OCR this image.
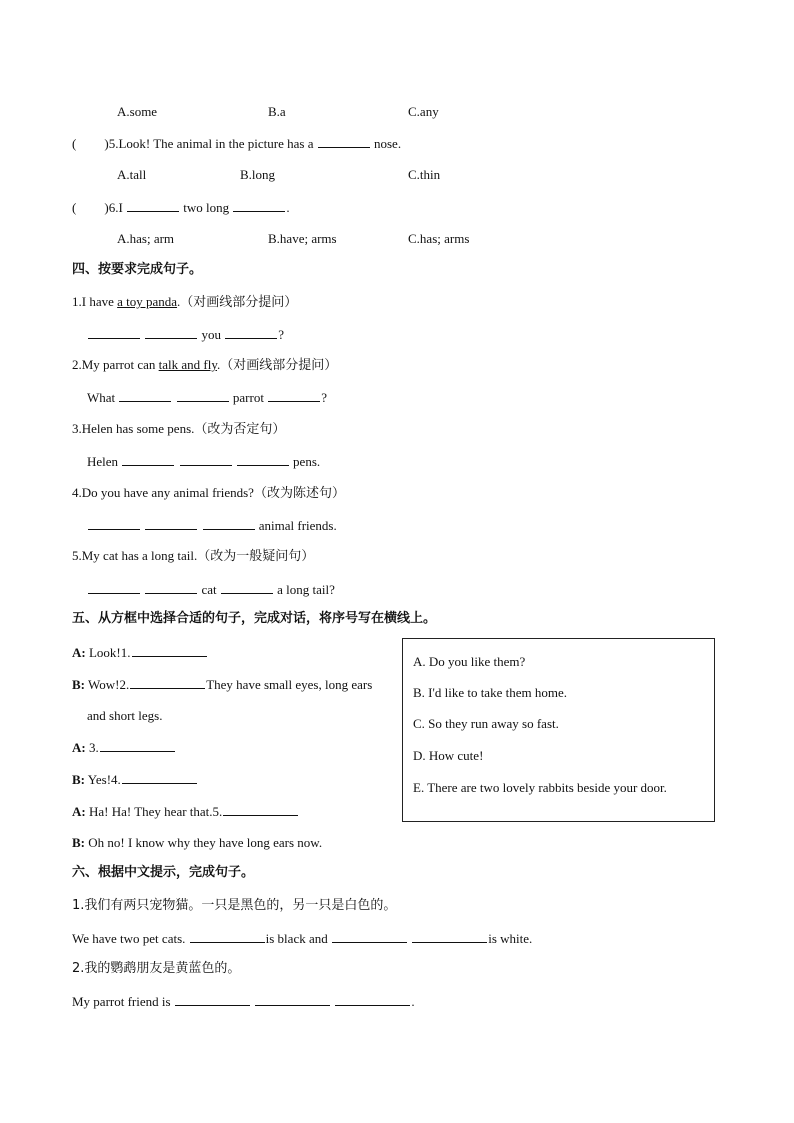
A.some	B.a	C.any
( )5.Look! The animal in the picture has a	nose.
A.tall	B.long	C.thin
( )6.I	two long	.
A.has; arm	B.have; arms	C.has; arms
四、按要求完成句子。
1.I have a toy panda.（对画线部分提问）
you	?
2.My parrot can talk and fly.（对画线部分提问）
What	parrot	?
3.Helen has some pens.（改为否定句）
Helen	pens.
4.Do you have any animal friends?（改为陈述句）
animal friends.
5.My cat has a long tail.（改为一般疑问句）
cat	a long tail?
五、从方框中选择合适的句子，完成对话，将序号写在横线上。
A: Look!1.
B: Wow!2.	They have small eyes, long ears
and short legs.
A: 3.
B: Yes!4.
A: Ha! Ha! They hear that.5.
B: Oh no! I know why they have long ears now.
A. Do you like them?
B. I'd like to take them home.
C. So they run away so fast.
D. How cute!
E. There are two lovely rabbits beside your door.
六、根据中文提示，完成句子。
1.我们有两只宠物猫。一只是黑色的，另一只是白色的。
We have two pet cats.	is black and	is white.
2.我的鹦鹉朋友是黄蓝色的。
My parrot friend is	.
